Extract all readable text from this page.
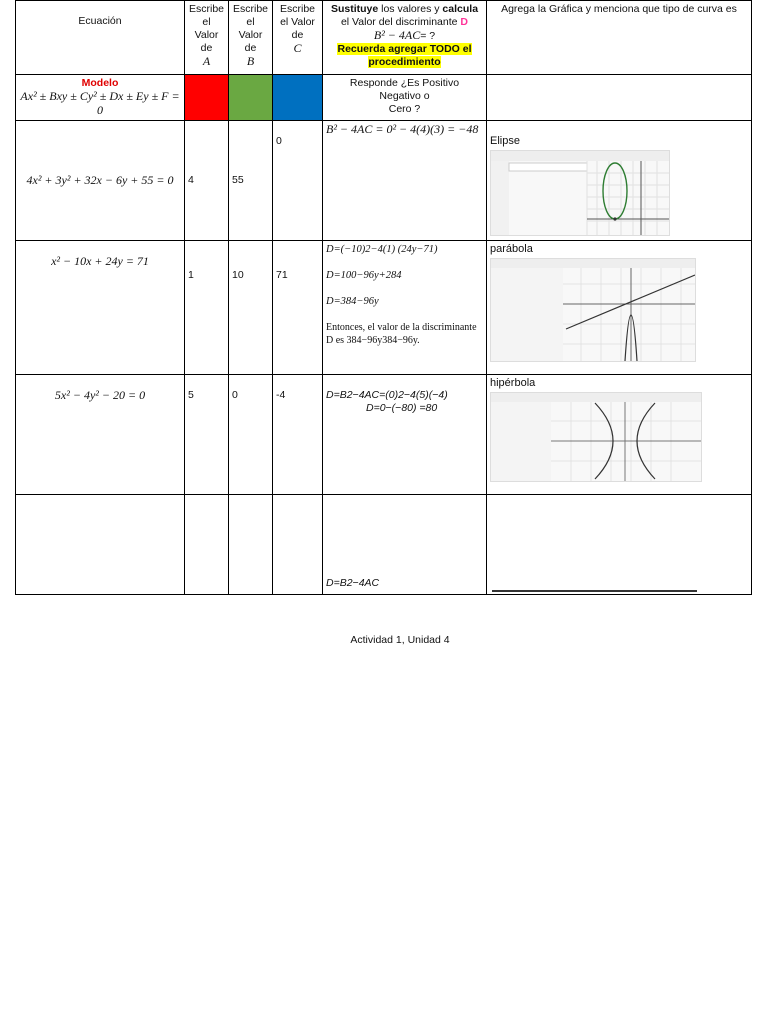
Ecuación	Escribe
el
Valor
de
A	Escribe
el
Valor
de
B	Escribe
el Valor
de
C	Sustituye los valores y calcula
el Valor del discriminante D
B² − 4AC= ?
Recuerda agregar TODO el procedimiento	Agrega la Gráfica y menciona que tipo de curva es
Modelo
Ax² ± Bxy ± Cy² ± Dx ± Ey ± F = 0				Responde ¿Es Positivo
Negativo o
Cero ?	
4x² + 3y² + 32x − 6y + 55 = 0	4	55	0	B² − 4AC = 0² − 4(4)(3) = −48	Elipse

x² − 10x + 24y = 71	1	10	71	D=(−10)2−4(1) (24y−71)

D=100−96y+284

D=384−96y

Entonces, el valor de la discriminante D es 384−96y384−96y.	parábola

5x² − 4y² − 20 = 0	5	0	-4	D=B2−4AC=(0)2−4(5)(−4)
D=0−(−80) =80	hipérbola

				D=B2−4AC	
Actividad 1, Unidad 4
